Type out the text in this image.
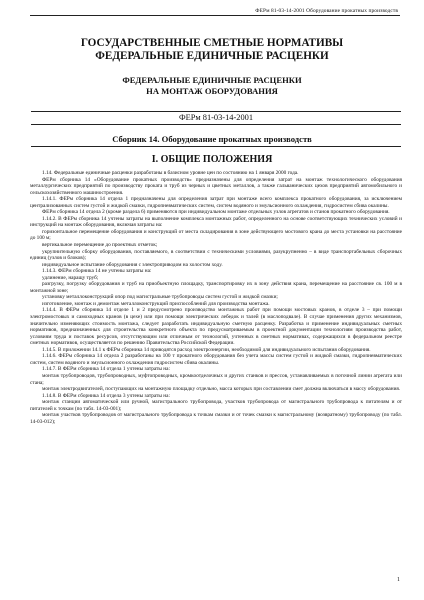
ФЕРм 81-03-14-2001 Оборудование прокатных производств
ГОСУДАРСТВЕННЫЕ СМЕТНЫЕ НОРМАТИВЫ
ФЕДЕРАЛЬНЫЕ ЕДИНИЧНЫЕ РАСЦЕНКИ
ФЕДЕРАЛЬНЫЕ ЕДИНИЧНЫЕ РАСЦЕНКИ
НА МОНТАЖ ОБОРУДОВАНИЯ
ФЕРм 81-03-14-2001
Сборник 14. Оборудование прокатных производств
I. ОБЩИЕ ПОЛОЖЕНИЯ

1.14. Федеральные единичные расценки разработаны в базисном уровне цен по состоянию на 1 января 2000 года.

ФЕРм сборника 14 «Оборудование прокатных производств» предназначены для определения затрат на монтаж технологического оборудования металлургических предприятий по производству проката и труб из черных и цветных металлов, а также гальванических цехов предприятий автомобильного и сельскохозяйственного машиностроения.

1.14.1. ФЕРм сборника 14 отдела 1 предназначены для определения затрат при монтаже всего комплекса прокатного оборудования, за исключением централизованных систем густой и жидкой смазки, гидропневматических систем, систем водяного и эмульсионного охлаждения, гидросистем сбива окалины.

ФЕРм сборника 14 отдела 2 (кроме раздела 6) применяются при индивидуальном монтаже отдельных узлов агрегатов и станов прокатного оборудования.

1.14.2. В ФЕРм сборника 14 учтены затраты на выполнение комплекса монтажных работ, определенного на основе соответствующих технических условий и инструкций на монтаж оборудования, включая затраты на:

горизонтальное перемещение оборудования и конструкций от места складирования в зоне действующего мостового крана до места установки на расстояние до 100 м;

вертикальное перемещение до проектных отметок;

укрупнительную сборку оборудования, поставляемого, в соответствии с техническими условиями, разукрупненно – в виде транспортабельных сборочных единиц (узлов и блоков);

индивидуальное испытание оборудования с электроприводом на холостом ходу.

1.14.3. ФЕРм сборника 14 не учтены затраты на:

удлинение, наращу труб;

разгрузку, погрузку оборудования и труб на приобъектную площадку, транспортировку их в зону действия крана, перемещение на расстояние св. 100 м в монтажной зоне;

установку металлоконструкций опор под магистральные трубопроводы систем густой и жидкой смазки;

изготовление, монтаж и демонтаж металлоконструкций приспособлений для производства монтажа.

1.14.4. В ФЕРм сборника 14 отделе 1 и 2 предусмотрено производство монтажных работ при помощи мостовых кранов, в отделе 3 – при помощи электромостовых и самоходных кранов (в цехе) или при помощи электрических лебедок и талей (в маслоподвале). В случае применения других механизмов, значительно изменяющих стоимость монтажа, следует разработать индивидуальную сметную расценку. Разработка и применение индивидуальных сметных нормативов, предназначенных для строительства конкретного объекта по предусматриваемым в проектной документации технологиям производства работ, условиям труда и поставок ресурсов, отсутствующим или отличным от технологий, учтенных в сметных нормативах, содержащихся в федеральном реестре сметных нормативов, осуществляется по решению Правительства Российской Федерации.

1.14.5. В приложении 14.1 к ФЕРм сборника 14 приводятся расход электроэнергии, необходимой для индивидуального испытания оборудования.

1.14.6. ФЕРм сборника 14 отдела 2 разработаны на 100 т прокатного оборудования без учета массы систем густой и жидкой смазки, гидропневматических систем, систем водяного и эмульсионного охлаждения гидросистем сбива окалины.

1.14.7. В ФЕРм сборника 14 отдела 1 учтены затраты на:

монтаж трубопроводов, трубопроводных, муфтопроводных, кромкоотделочных и других станков и прессов, устанавливаемых в поточной линии агрегата или стана;

монтаж электродвигателей, поступающих на монтажную площадку отдельно, масса которых при составлении смет должна включаться в массу оборудования.

1.14.8. В ФЕРм сборника 14 отдела 3 учтены затраты на:

монтаж станции автоматической или ручной, магистрального трубопровода, участков трубопровода от магистрального трубопровода к питателям и от питателей к точкам (по табл. 14-03-001);

монтаж участков трубопроводов от магистрального трубопровода к точкам смазки и от точек смазки к магистральному (возвратному) трубопроводу (по табл. 14-03-012);

1
